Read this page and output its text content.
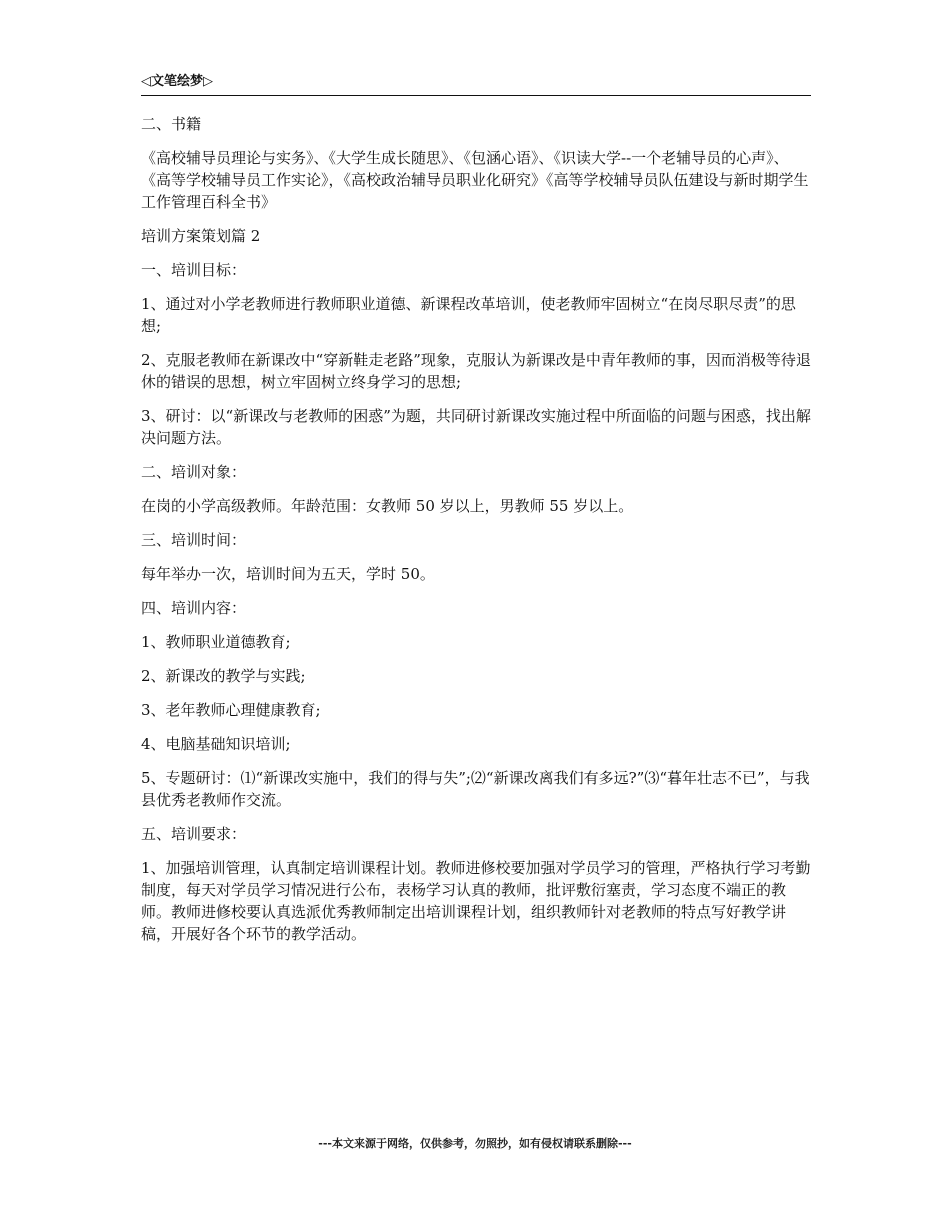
◁文笔绘梦▷

二、书籍

《高校辅导员理论与实务》、《大学生成长随思》、《包涵心语》、《识读大学--一个老辅导员的心声》、《高等学校辅导员工作实论》，《高校政治辅导员职业化研究》《高等学校辅导员队伍建设与新时期学生工作管理百科全书》

培训方案策划篇 2

一、培训目标：

1、通过对小学老教师进行教师职业道德、新课程改革培训，使老教师牢固树立“在岗尽职尽责”的思想;

2、克服老教师在新课改中“穿新鞋走老路”现象，克服认为新课改是中青年教师的事，因而消极等待退休的错误的思想，树立牢固树立终身学习的思想;

3、研讨：以“新课改与老教师的困惑”为题，共同研讨新课改实施过程中所面临的问题与困惑，找出解决问题方法。

二、培训对象：

在岗的小学高级教师。年龄范围：女教师 50 岁以上，男教师 55 岁以上。

三、培训时间：

每年举办一次，培训时间为五天，学时 50。

四、培训内容：

1、教师职业道德教育;

2、新课改的教学与实践;

3、老年教师心理健康教育;

4、电脑基础知识培训;

5、专题研讨：⑴“新课改实施中，我们的得与失”;⑵“新课改离我们有多远?”⑶“暮年壮志不已”，与我县优秀老教师作交流。

五、培训要求：

1、加强培训管理，认真制定培训课程计划。教师进修校要加强对学员学习的管理，严格执行学习考勤制度，每天对学员学习情况进行公布，表杨学习认真的教师，批评敷衍塞责，学习态度不端正的教师。教师进修校要认真选派优秀教师制定出培训课程计划，组织教师针对老教师的特点写好教学讲稿，开展好各个环节的教学活动。

---本文来源于网络，仅供参考，勿照抄，如有侵权请联系删除---
